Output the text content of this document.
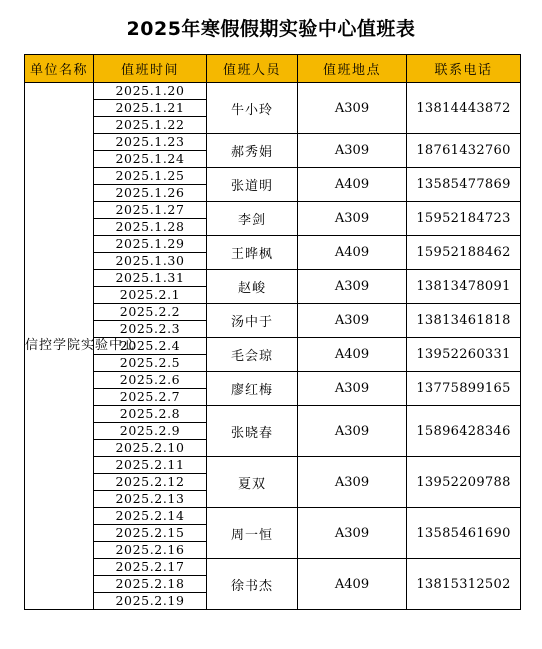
2025年寒假假期实验中心值班表
单位名称	值班时间	值班人员	值班地点	联系电话
信控学院实验中心	2025.1.20	牛小玲	A309	13814443872
	2025.1.21			
	2025.1.22			
	2025.1.23	郝秀娟	A309	18761432760
	2025.1.24			
	2025.1.25	张道明	A409	13585477869
	2025.1.26			
	2025.1.27	李剑	A309	15952184723
	2025.1.28			
	2025.1.29	王晔枫	A409	15952188462
	2025.1.30			
	2025.1.31	赵峻	A309	13813478091
	2025.2.1			
	2025.2.2	汤中于	A309	13813461818
	2025.2.3			
	2025.2.4	毛会琼	A409	13952260331
	2025.2.5			
	2025.2.6	廖红梅	A309	13775899165
	2025.2.7			
	2025.2.8	张晓春	A309	15896428346
	2025.2.9			
	2025.2.10			
	2025.2.11	夏双	A309	13952209788
	2025.2.12			
	2025.2.13			
	2025.2.14	周一恒	A309	13585461690
	2025.2.15			
	2025.2.16			
	2025.2.17	徐书杰	A409	13815312502
	2025.2.18			
	2025.2.19			
